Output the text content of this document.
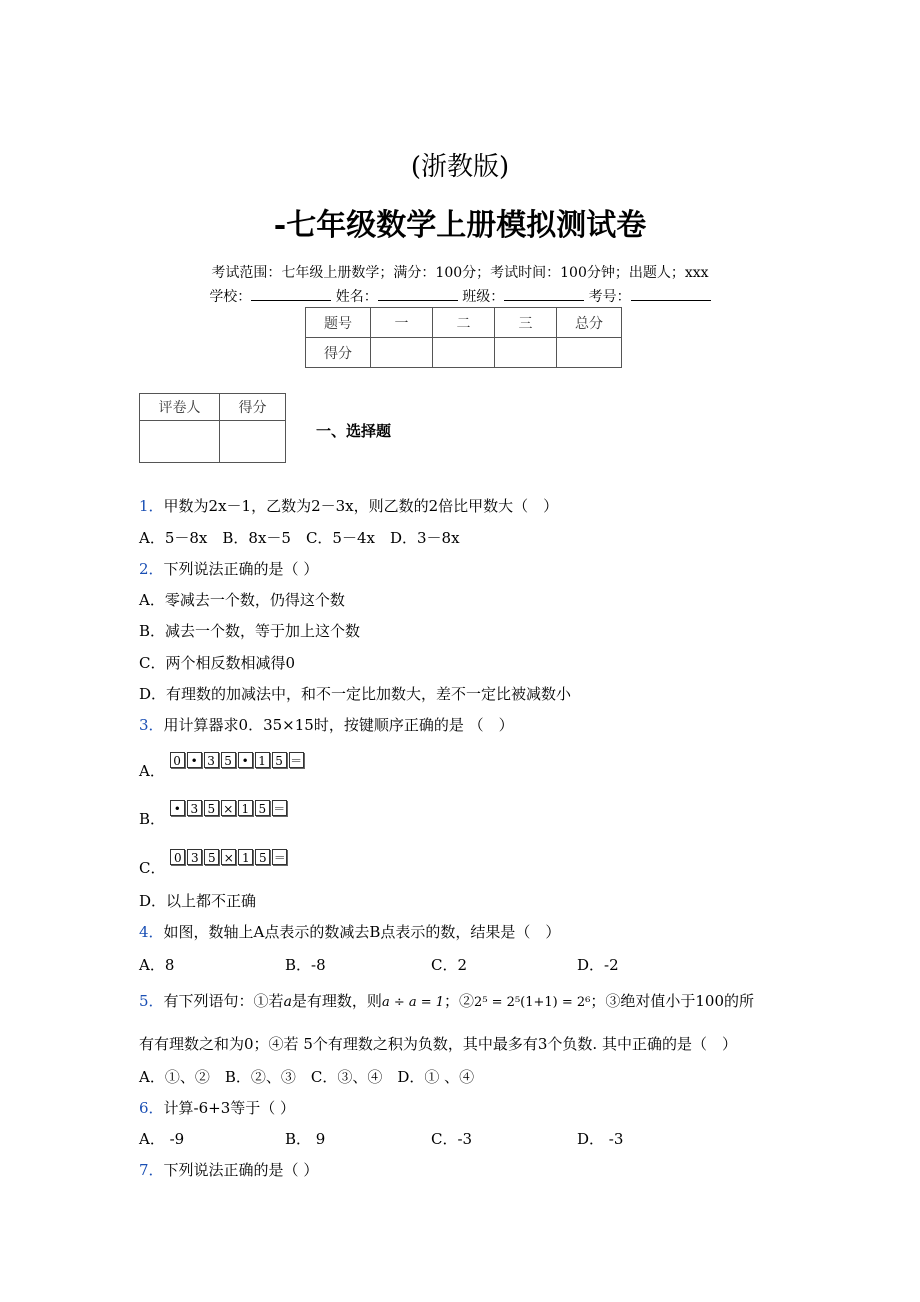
(浙教版)
-七年级数学上册模拟测试卷
考试范围：七年级上册数学；满分：100分；考试时间：100分钟；出题人；xxx
学校：	姓名：	班级：	考号：
题号	一	二	三	总分
得分				
评卷人	得分

一、选择题
1．甲数为2x－1，乙数为2－3x，则乙数的2倍比甲数大（　）
A．5－8x　B．8x－5　C．5－4x　D．3－8x
2．下列说法正确的是（ ）
A．零减去一个数，仍得这个数
B．减去一个数，等于加上这个数
C．两个相反数相减得0
D．有理数的加减法中，和不一定比加数大，差不一定比被减数小
3．用计算器求0．35×15时，按键顺序正确的是 （　）
A．
0 • 3 5 • 1 5 ＝
B．
• 3 5 × 1 5 ＝
C．
0 3 5 × 1 5 ＝
D．以上都不正确
4．如图，数轴上A点表示的数减去B点表示的数，结果是（　）
A．8	B．-8	C．2	D．-2
5．有下列语句：①若a是有理数，则a ÷ a = 1；②2⁵ = 2⁵(1+1) = 2⁶；③绝对值小于100的所
有有理数之和为0；④若 5个有理数之积为负数，其中最多有3个负数. 其中正确的是（　）
A．①、②　B．②、③　C．③、④　D．① 、④
6．计算-6+3等于（ ）
A． -9	B． 9	C．-3	D． -3
7．下列说法正确的是（ ）
